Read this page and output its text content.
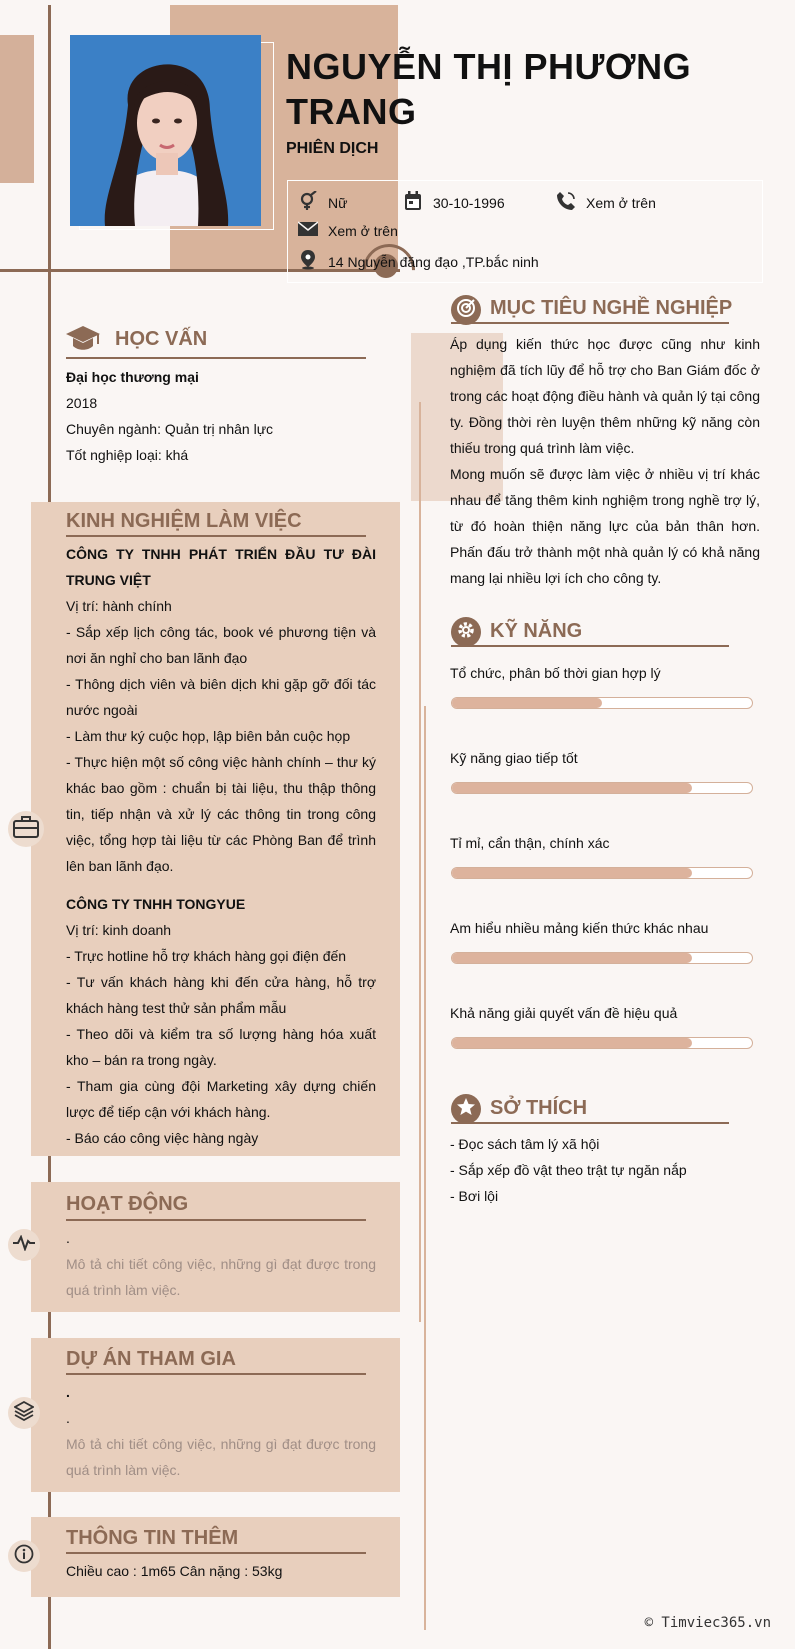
NGUYỄN THỊ PHƯƠNG TRANG
PHIÊN DỊCH
Nữ	30-10-1996	Xem ở trên
Xem ở trên
14 Nguyễn đăng đạo ,TP.bắc ninh
HỌC VẤN
Đại học thương mại
2018
Chuyên ngành: Quản trị nhân lực
Tốt nghiệp loại: khá
KINH NGHIỆM LÀM VIỆC
CÔNG TY TNHH PHÁT TRIỂN ĐẦU TƯ ĐÀI TRUNG VIỆT
Vị trí: hành chính
- Sắp xếp lịch công tác, book vé phương tiện và nơi ăn nghỉ cho ban lãnh đạo
- Thông dịch viên và biên dịch khi gặp gỡ đối tác nước ngoài
- Làm thư ký cuộc họp, lập biên bản cuộc họp
- Thực hiện một số công việc hành chính – thư ký khác bao gồm : chuẩn bị tài liệu, thu thập thông tin, tiếp nhận và xử lý các thông tin trong công việc, tổng hợp tài liệu từ các Phòng Ban để trình lên ban lãnh đạo.
CÔNG TY TNHH TONGYUE
Vị trí: kinh doanh
- Trực hotline hỗ trợ khách hàng gọi điện đến
- Tư vấn khách hàng khi đến cửa hàng, hỗ trợ khách hàng test thử sản phẩm mẫu
- Theo dõi và kiểm tra số lượng hàng hóa xuất kho – bán ra trong ngày.
- Tham gia cùng đội Marketing xây dựng chiến lược để tiếp cận với khách hàng.
- Báo cáo công việc hàng ngày
HOẠT ĐỘNG
.
Mô tả chi tiết công việc, những gì đạt được trong quá trình làm việc.
DỰ ÁN THAM GIA
.
.
Mô tả chi tiết công việc, những gì đạt được trong quá trình làm việc.
THÔNG TIN THÊM
Chiều cao : 1m65 Cân nặng : 53kg
MỤC TIÊU NGHỀ NGHIỆP
Áp dụng kiến thức học được cũng như kinh nghiệm đã tích lũy để hỗ trợ cho Ban Giám đốc ở trong các hoạt động điều hành và quản lý tại công ty. Đồng thời rèn luyện thêm những kỹ năng còn thiếu trong quá trình làm việc.
Mong muốn sẽ được làm việc ở nhiều vị trí khác nhau để tăng thêm kinh nghiệm trong nghề trợ lý, từ đó hoàn thiện năng lực của bản thân hơn. Phấn đấu trở thành một nhà quản lý có khả năng mang lại nhiều lợi ích cho công ty.
KỸ NĂNG
Tổ chức, phân bố thời gian hợp lý
Kỹ năng giao tiếp tốt
Tỉ mỉ, cẩn thận, chính xác
Am hiểu nhiều mảng kiến thức khác nhau
Khả năng giải quyết vấn đề hiệu quả
SỞ THÍCH
- Đọc sách tâm lý xã hội
- Sắp xếp đồ vật theo trật tự ngăn nắp
- Bơi lội
© Timviec365.vn
